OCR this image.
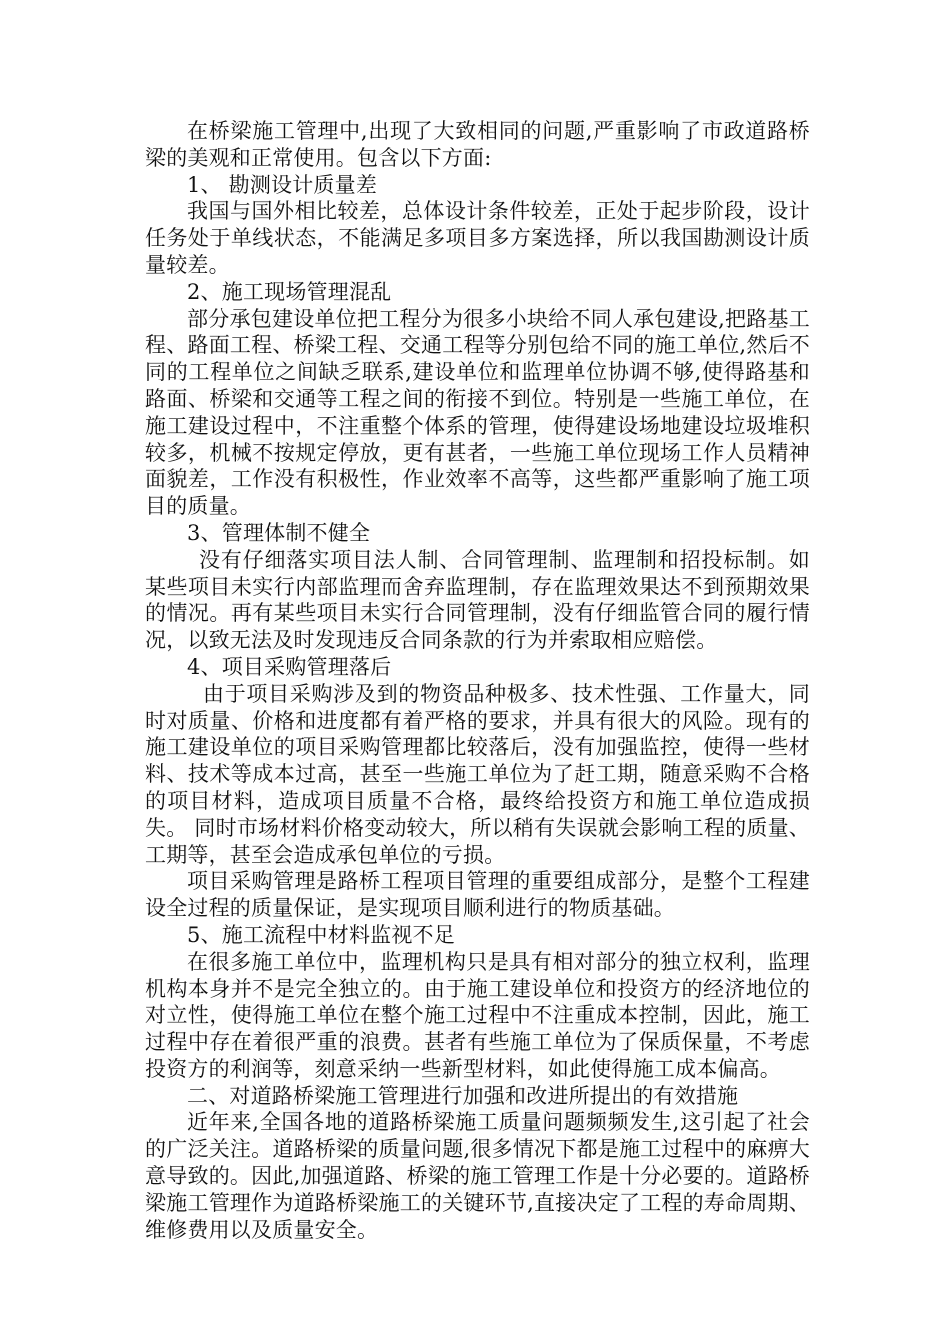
在桥梁施工管理中,出现了大致相同的问题,严重影响了市政道路桥梁的美观和正常使用。包含以下方面:

1、 勘测设计质量差

我国与国外相比较差，总体设计条件较差，正处于起步阶段，设计任务处于单线状态，不能满足多项目多方案选择，所以我国勘测设计质量较差。

2、施工现场管理混乱

部分承包建设单位把工程分为很多小块给不同人承包建设,把路基工程、路面工程、桥梁工程、交通工程等分别包给不同的施工单位,然后不同的工程单位之间缺乏联系,建设单位和监理单位协调不够,使得路基和路面、桥梁和交通等工程之间的衔接不到位。特别是一些施工单位，在施工建设过程中，不注重整个体系的管理，使得建设场地建设垃圾堆积较多，机械不按规定停放，更有甚者，一些施工单位现场工作人员精神面貌差，工作没有积极性，作业效率不高等，这些都严重影响了施工项目的质量。

3、管理体制不健全

没有仔细落实项目法人制、合同管理制、监理制和招投标制。如某些项目未实行内部监理而舍弃监理制，存在监理效果达不到预期效果的情况。再有某些项目未实行合同管理制，没有仔细监管合同的履行情况，以致无法及时发现违反合同条款的行为并索取相应赔偿。

4、项目采购管理落后

由于项目采购涉及到的物资品种极多、技术性强、工作量大，同时对质量、价格和进度都有着严格的要求，并具有很大的风险。现有的施工建设单位的项目采购管理都比较落后，没有加强监控，使得一些材料、技术等成本过高，甚至一些施工单位为了赶工期，随意采购不合格的项目材料，造成项目质量不合格，最终给投资方和施工单位造成损失。 同时市场材料价格变动较大，所以稍有失误就会影响工程的质量、工期等，甚至会造成承包单位的亏损。

项目采购管理是路桥工程项目管理的重要组成部分，是整个工程建设全过程的质量保证，是实现项目顺利进行的物质基础。

5、施工流程中材料监视不足

在很多施工单位中，监理机构只是具有相对部分的独立权利，监理机构本身并不是完全独立的。由于施工建设单位和投资方的经济地位的对立性，使得施工单位在整个施工过程中不注重成本控制，因此，施工过程中存在着很严重的浪费。甚者有些施工单位为了保质保量，不考虑投资方的利润等，刻意采纳一些新型材料，如此使得施工成本偏高。

二、对道路桥梁施工管理进行加强和改进所提出的有效措施

近年来,全国各地的道路桥梁施工质量问题频频发生,这引起了社会的广泛关注。道路桥梁的质量问题,很多情况下都是施工过程中的麻痹大意导致的。因此,加强道路、桥梁的施工管理工作是十分必要的。道路桥梁施工管理作为道路桥梁施工的关键环节,直接决定了工程的寿命周期、维修费用以及质量安全。
